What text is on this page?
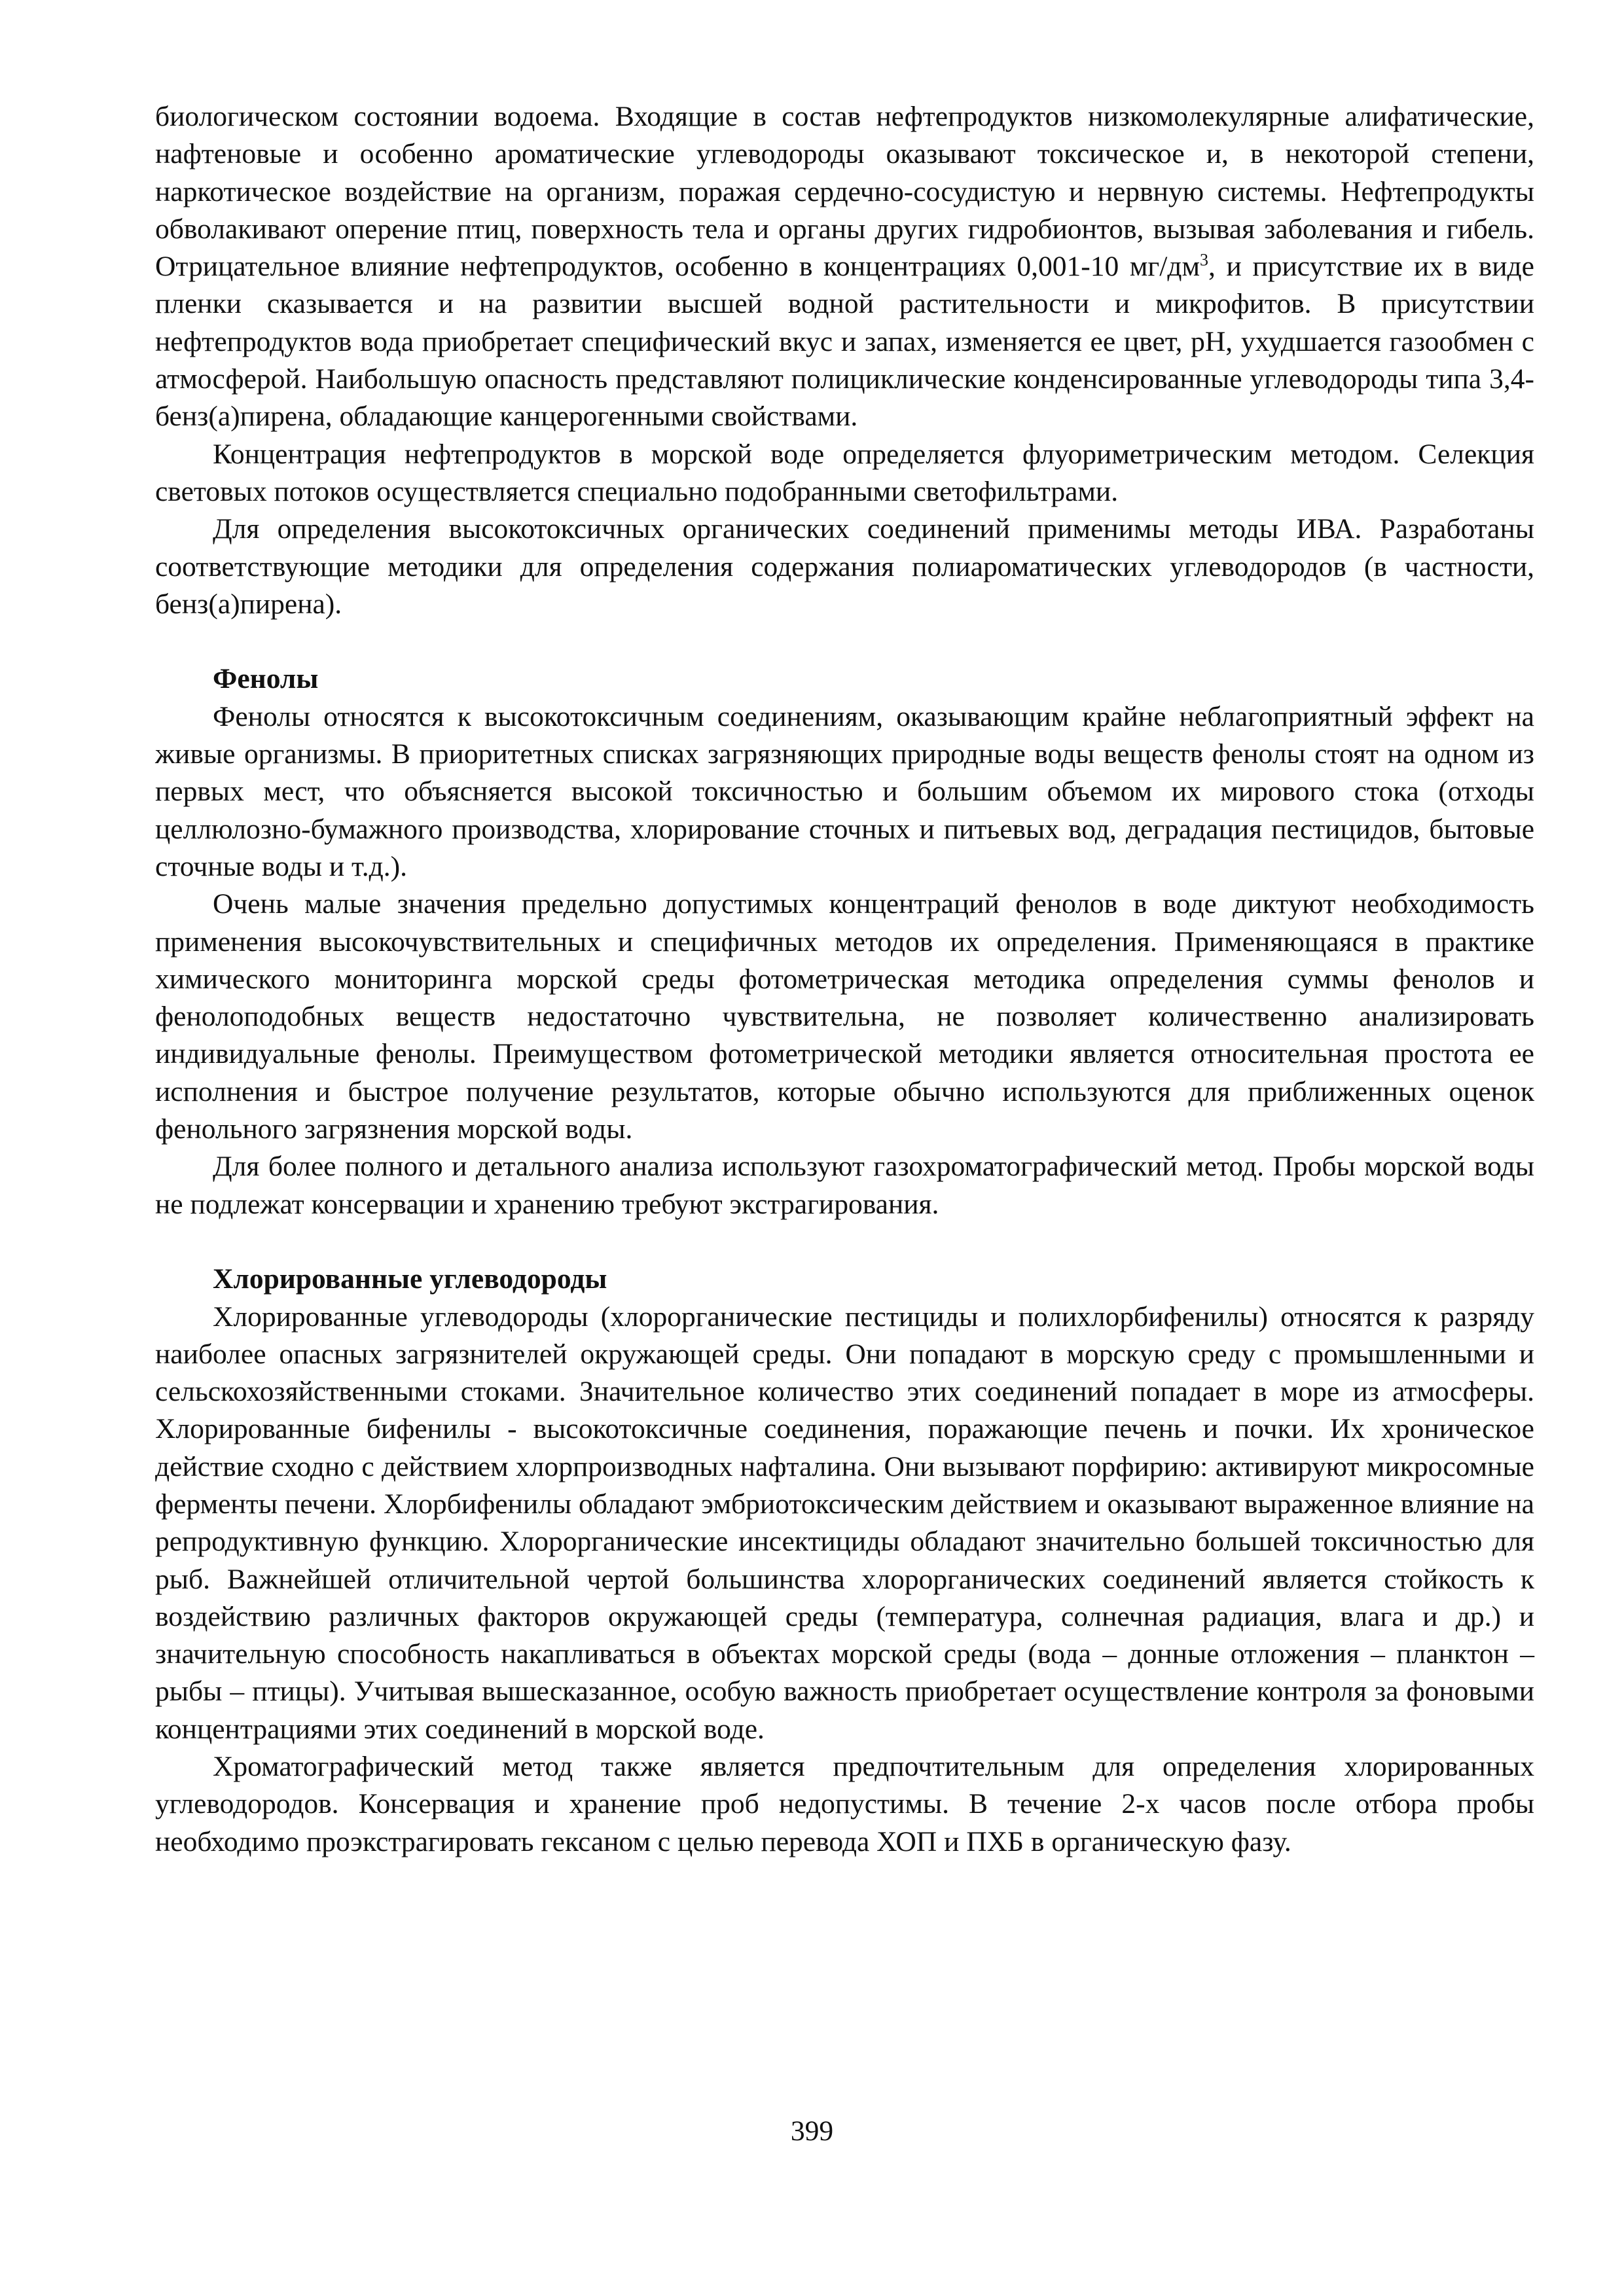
биологическом состоянии водоема. Входящие в состав нефтепродуктов низкомолекулярные алифатические, нафтеновые и особенно ароматические углеводороды оказывают токсическое и, в некоторой степени, наркотическое воздействие на организм, поражая сердечно-сосудистую и нервную системы. Нефтепродукты обволакивают оперение птиц, поверхность тела и органы других гидробионтов, вызывая заболевания и гибель. Отрицательное влияние нефтепродуктов, особенно в концентрациях 0,001-10 $мг/дм^3$, и присутствие их в виде пленки сказывается и на развитии высшей водной растительности и микрофитов. В присутствии нефтепродуктов вода приобретает специфический вкус и запах, изменяется ее цвет, pH, ухудшается газообмен с атмосферой. Наибольшую опасность представляют полициклические конденсированные углеводороды типа 3,4-бенз(а)пирена, обладающие канцерогенными свойствами.

Концентрация нефтепродуктов в морской воде определяется флуориметрическим методом. Селекция световых потоков осуществляется специально подобранными светофильтрами.

Для определения высокотоксичных органических соединений применимы методы ИВА. Разработаны соответствующие методики для определения содержания полиароматических углеводородов (в частности, бенз(а)пирена).

Фенолы

Фенолы относятся к высокотоксичным соединениям, оказывающим крайне неблагоприятный эффект на живые организмы. В приоритетных списках загрязняющих природные воды веществ фенолы стоят на одном из первых мест, что объясняется высокой токсичностью и большим объемом их мирового стока (отходы целлюлозно-бумажного производства, хлорирование сточных и питьевых вод, деградация пестицидов, бытовые сточные воды и т.д.).

Очень малые значения предельно допустимых концентраций фенолов в воде диктуют необходимость применения высокочувствительных и специфичных методов их определения. Применяющаяся в практике химического мониторинга морской среды фотометрическая методика определения суммы фенолов и фенолоподобных веществ недостаточно чувствительна, не позволяет количественно анализировать индивидуальные фенолы. Преимуществом фотометрической методики является относительная простота ее исполнения и быстрое получение результатов, которые обычно используются для приближенных оценок фенольного загрязнения морской воды.

Для более полного и детального анализа используют газохроматографический метод. Пробы морской воды не подлежат консервации и хранению требуют экстрагирования.

Хлорированные углеводороды

Хлорированные углеводороды (хлорорганические пестициды и полихлорбифенилы) относятся к разряду наиболее опасных загрязнителей окружающей среды. Они попадают в морскую среду с промышленными и сельскохозяйственными стоками. Значительное количество этих соединений попадает в море из атмосферы. Хлорированные бифенилы - высокотоксичные соединения, поражающие печень и почки. Их хроническое действие сходно с действием хлорпроизводных нафталина. Они вызывают порфирию: активируют микросомные ферменты печени. Хлорбифенилы обладают эмбриотоксическим действием и оказывают выраженное влияние на репродуктивную функцию. Хлорорганические инсектициды обладают значительно большей токсичностью для рыб. Важнейшей отличительной чертой большинства хлорорганических соединений является стойкость к воздействию различных факторов окружающей среды (температура, солнечная радиация, влага и др.) и значительную способность накапливаться в объектах морской среды (вода – донные отложения – планктон – рыбы – птицы). Учитывая вышесказанное, особую важность приобретает осуществление контроля за фоновыми концентрациями этих соединений в морской воде.

Хроматографический метод также является предпочтительным для определения хлорированных углеводородов. Консервация и хранение проб недопустимы. В течение 2-х часов после отбора пробы необходимо проэкстрагировать гексаном с целью перевода ХОП и ПХБ в органическую фазу.

399
